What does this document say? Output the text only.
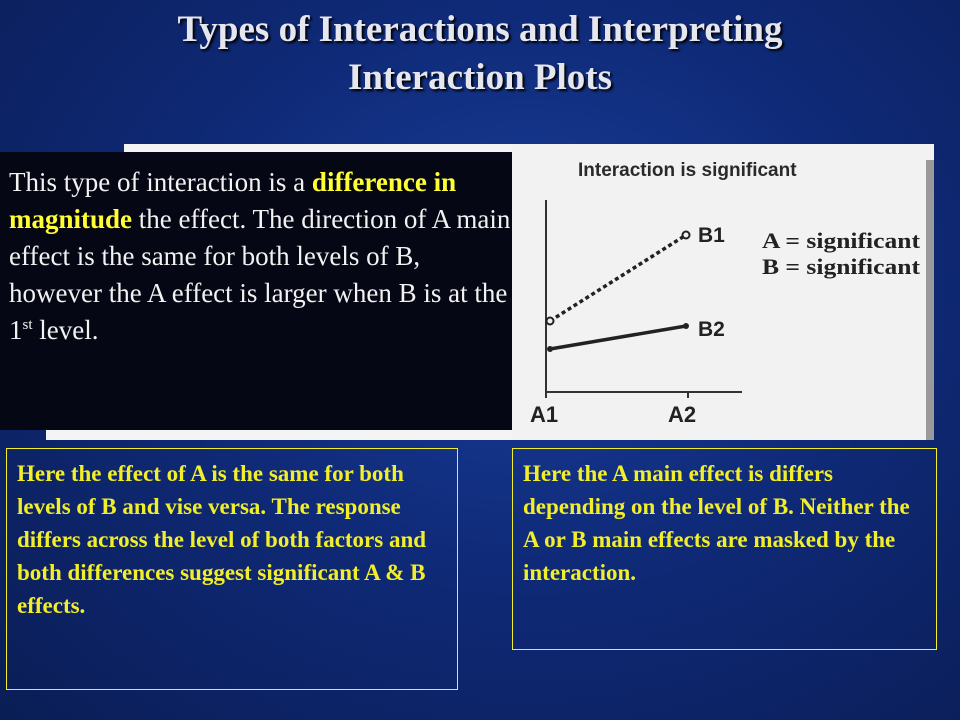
Types of Interactions and Interpreting
Interaction Plots
Interaction is significant
B1
B2
A = significant
B = significant
A1	A2
This type of interaction is a difference in magnitude the effect. The direction of A main effect is the same for both levels of B, however the A effect is larger when B is at the 1st level.
Here the effect of A is the same for both levels of B and vise versa. The response differs across the level of both factors and both differences suggest significant A & B effects.
Here the A main effect is differs depending on the level of B. Neither the A or B main effects are masked by the interaction.
